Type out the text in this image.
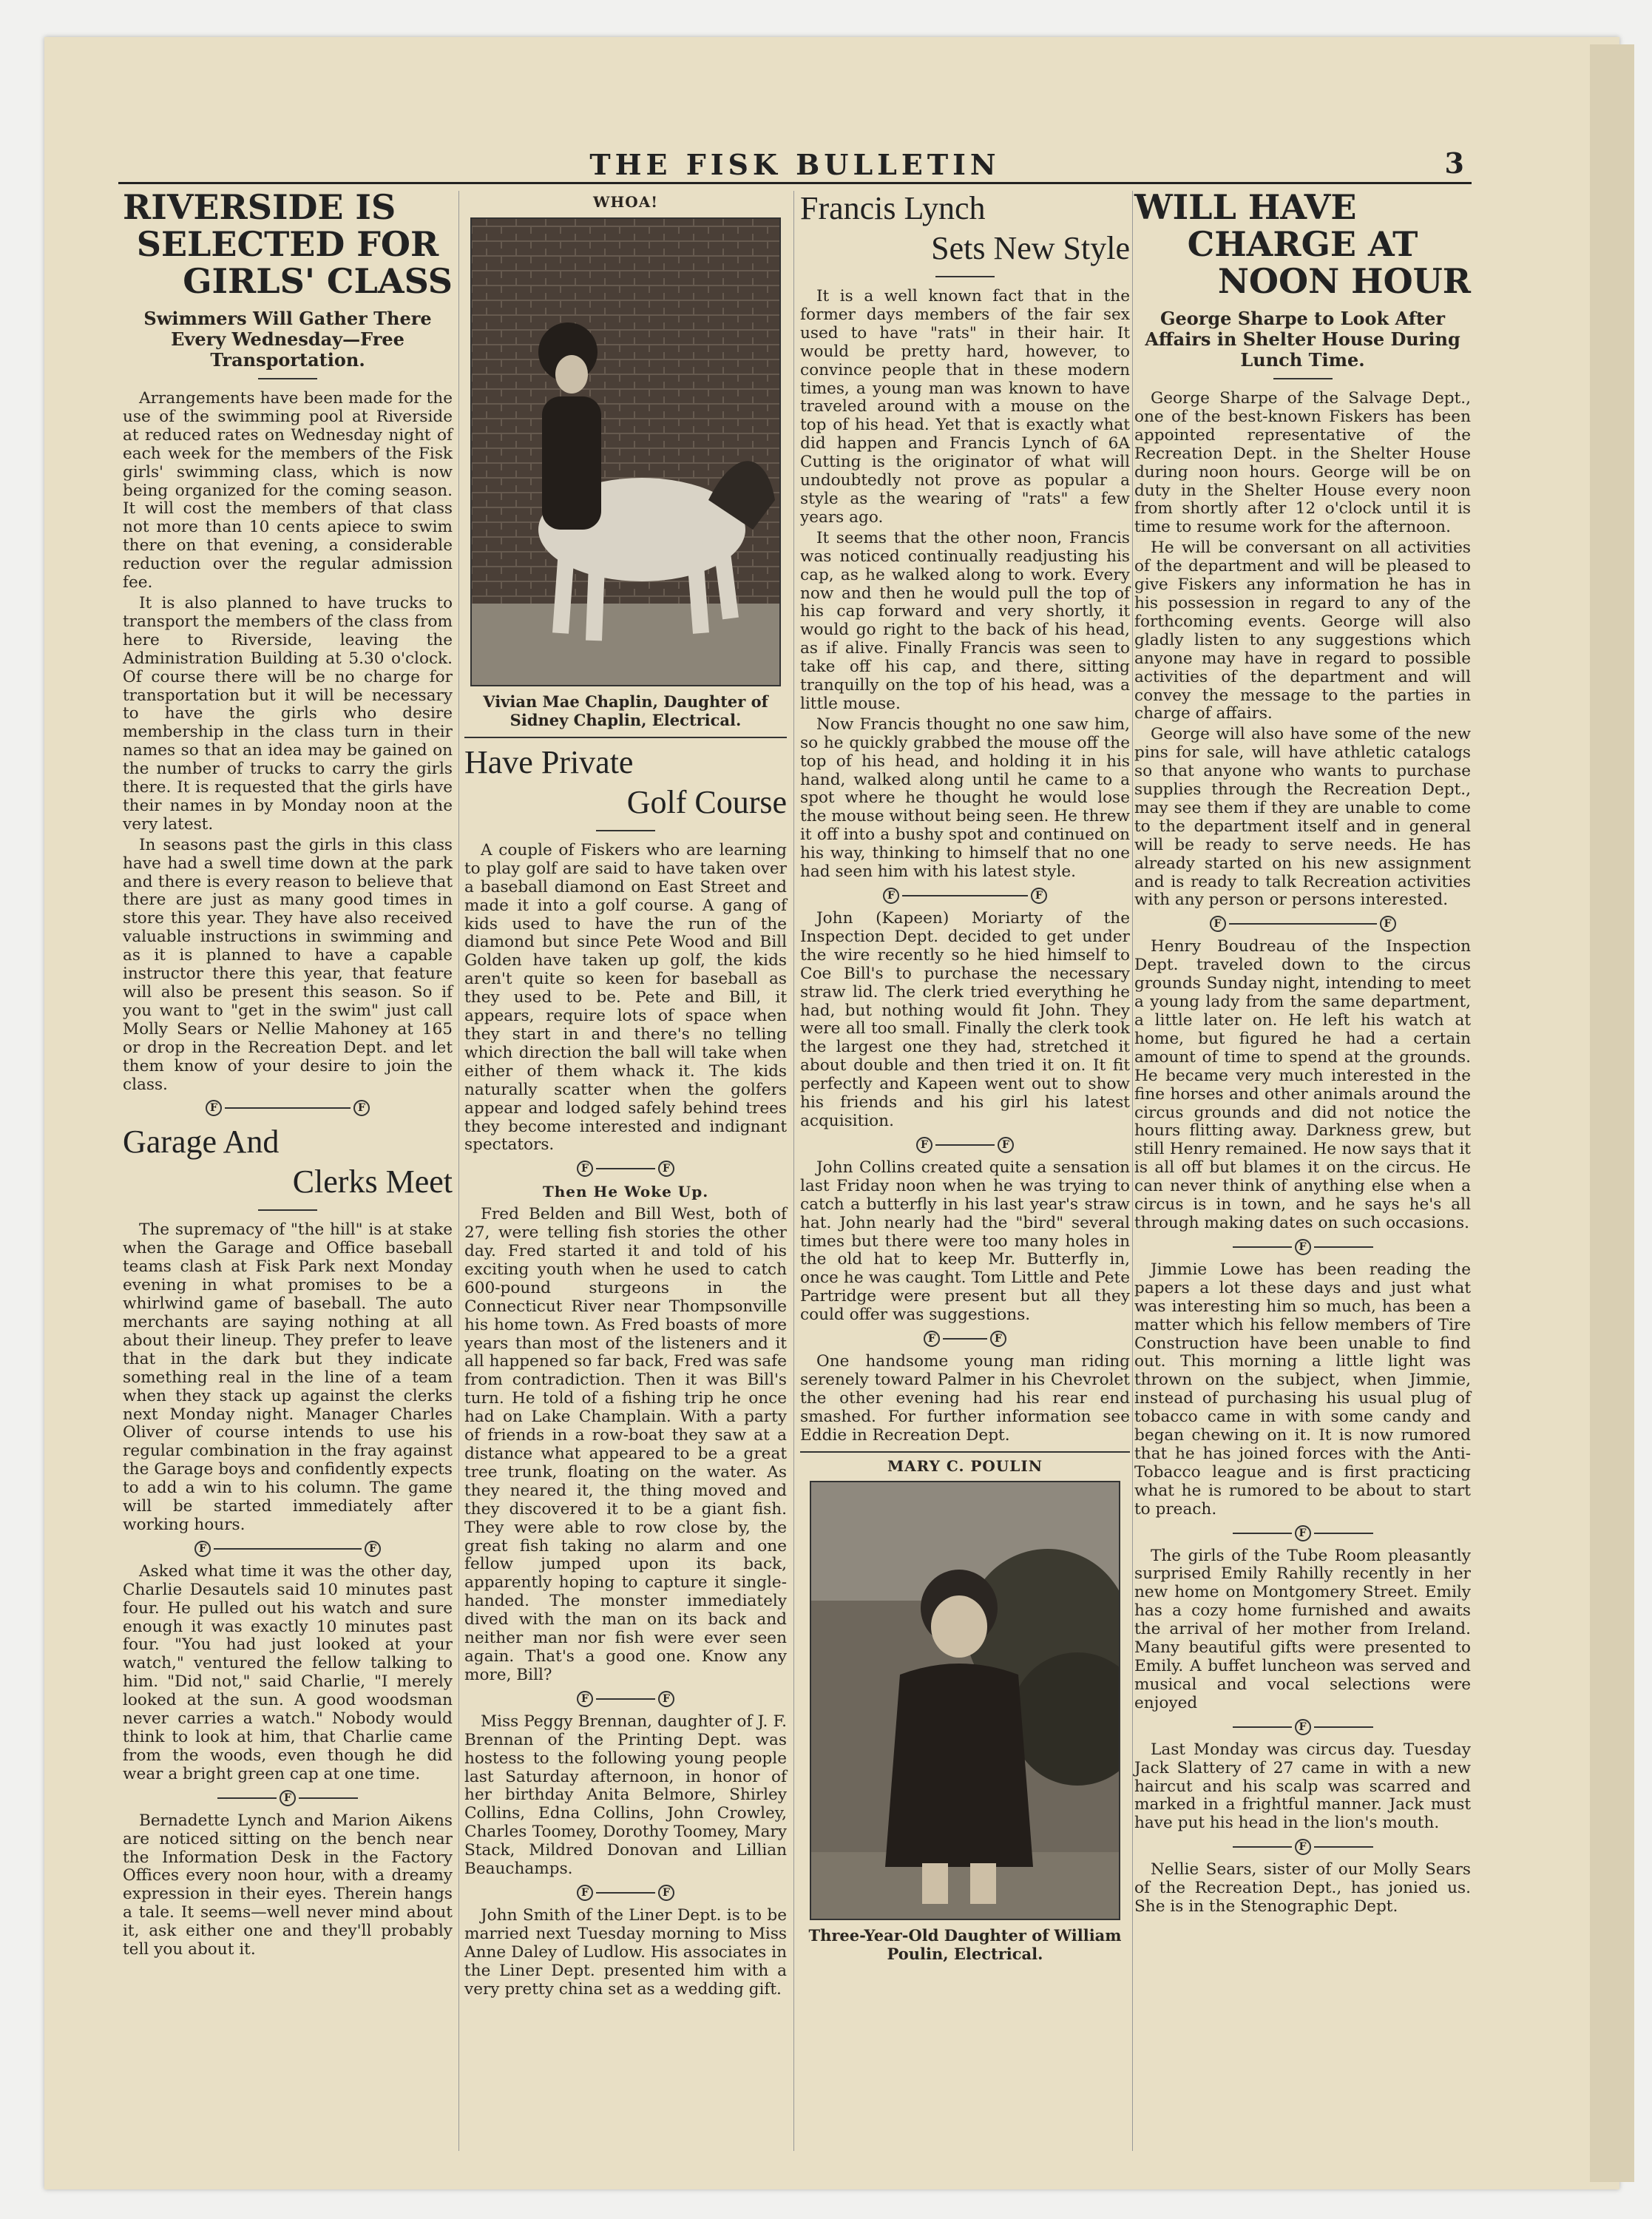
THE FISK BULLETIN	3
RIVERSIDE IS
SELECTED FOR
GIRLS' CLASS
Swimmers Will Gather There Every Wednesday—Free Transportation.

Arrangements have been made for the use of the swimming pool at Riverside at reduced rates on Wednesday night of each week for the members of the Fisk girls' swimming class, which is now being organized for the coming season. It will cost the members of that class not more than 10 cents apiece to swim there on that evening, a considerable reduction over the regular admission fee.

It is also planned to have trucks to transport the members of the class from here to Riverside, leaving the Administration Building at 5.30 o'clock. Of course there will be no charge for transportation but it will be necessary to have the girls who desire membership in the class turn in their names so that an idea may be gained on the number of trucks to carry the girls there. It is requested that the girls have their names in by Monday noon at the very latest.

In seasons past the girls in this class have had a swell time down at the park and there is every reason to believe that there are just as many good times in store this year. They have also received valuable instructions in swimming and as it is planned to have a capable instructor there this year, that feature will also be present this season. So if you want to "get in the swim" just call Molly Sears or Nellie Mahoney at 165 or drop in the Recreation Dept. and let them know of your desire to join the class.

F	F
Garage And
Clerks Meet

The supremacy of "the hill" is at stake when the Garage and Office baseball teams clash at Fisk Park next Monday evening in what promises to be a whirlwind game of baseball. The auto merchants are saying nothing at all about their lineup. They prefer to leave that in the dark but they indicate something real in the line of a team when they stack up against the clerks next Monday night. Manager Charles Oliver of course intends to use his regular combination in the fray against the Garage boys and confidently expects to add a win to his column. The game will be started immediately after working hours.

F	F

Asked what time it was the other day, Charlie Desautels said 10 minutes past four. He pulled out his watch and sure enough it was exactly 10 minutes past four. "You had just looked at your watch," ventured the fellow talking to him. "Did not," said Charlie, "I merely looked at the sun. A good woodsman never carries a watch." Nobody would think to look at him, that Charlie came from the woods, even though he did wear a bright green cap at one time.

F

Bernadette Lynch and Marion Aikens are noticed sitting on the bench near the Information Desk in the Factory Offices every noon hour, with a dreamy expression in their eyes. Therein hangs a tale. It seems—well never mind about it, ask either one and they'll probably tell you about it.

WHOA!
Vivian Mae Chaplin, Daughter of Sidney Chaplin, Electrical.
Have Private
Golf Course

A couple of Fiskers who are learning to play golf are said to have taken over a baseball diamond on East Street and made it into a golf course. A gang of kids used to have the run of the diamond but since Pete Wood and Bill Golden have taken up golf, the kids aren't quite so keen for baseball as they used to be. Pete and Bill, it appears, require lots of space when they start in and there's no telling which direction the ball will take when either of them whack it. The kids naturally scatter when the golfers appear and lodged safely behind trees they become interested and indignant spectators.

F	F
Then He Woke Up.

Fred Belden and Bill West, both of 27, were telling fish stories the other day. Fred started it and told of his exciting youth when he used to catch 600-pound sturgeons in the Connecticut River near Thompsonville his home town. As Fred boasts of more years than most of the listeners and it all happened so far back, Fred was safe from contradiction. Then it was Bill's turn. He told of a fishing trip he once had on Lake Champlain. With a party of friends in a row-boat they saw at a distance what appeared to be a great tree trunk, floating on the water. As they neared it, the thing moved and they discovered it to be a giant fish. They were able to row close by, the great fish taking no alarm and one fellow jumped upon its back, apparently hoping to capture it single-handed. The monster immediately dived with the man on its back and neither man nor fish were ever seen again. That's a good one. Know any more, Bill?

F	F

Miss Peggy Brennan, daughter of J. F. Brennan of the Printing Dept. was hostess to the following young people last Saturday afternoon, in honor of her birthday Anita Belmore, Shirley Collins, Edna Collins, John Crowley, Charles Toomey, Dorothy Toomey, Mary Stack, Mildred Donovan and Lillian Beauchamps.

F	F

John Smith of the Liner Dept. is to be married next Tuesday morning to Miss Anne Daley of Ludlow. His associates in the Liner Dept. presented him with a very pretty china set as a wedding gift.

Francis Lynch
Sets New Style

It is a well known fact that in the former days members of the fair sex used to have "rats" in their hair. It would be pretty hard, however, to convince people that in these modern times, a young man was known to have traveled around with a mouse on the top of his head. Yet that is exactly what did happen and Francis Lynch of 6A Cutting is the originator of what will undoubtedly not prove as popular a style as the wearing of "rats" a few years ago.

It seems that the other noon, Francis was noticed continually readjusting his cap, as he walked along to work. Every now and then he would pull the top of his cap forward and very shortly, it would go right to the back of his head, as if alive. Finally Francis was seen to take off his cap, and there, sitting tranquilly on the top of his head, was a little mouse.

Now Francis thought no one saw him, so he quickly grabbed the mouse off the top of his head, and holding it in his hand, walked along until he came to a spot where he thought he would lose the mouse without being seen. He threw it off into a bushy spot and continued on his way, thinking to himself that no one had seen him with his latest style.

F	F

John (Kapeen) Moriarty of the Inspection Dept. decided to get under the wire recently so he hied himself to Coe Bill's to purchase the necessary straw lid. The clerk tried everything he had, but nothing would fit John. They were all too small. Finally the clerk took the largest one they had, stretched it about double and then tried it on. It fit perfectly and Kapeen went out to show his friends and his girl his latest acquisition.

F	F

John Collins created quite a sensation last Friday noon when he was trying to catch a butterfly in his last year's straw hat. John nearly had the "bird" several times but there were too many holes in the old hat to keep Mr. Butterfly in, once he was caught. Tom Little and Pete Partridge were present but all they could offer was suggestions.

F	F

One handsome young man riding serenely toward Palmer in his Chevrolet the other evening had his rear end smashed. For further information see Eddie in Recreation Dept.

MARY C. POULIN
Three-Year-Old Daughter of William Poulin, Electrical.
WILL HAVE
CHARGE AT
NOON HOUR
George Sharpe to Look After Affairs in Shelter House During Lunch Time.

George Sharpe of the Salvage Dept., one of the best-known Fiskers has been appointed representative of the Recreation Dept. in the Shelter House during noon hours. George will be on duty in the Shelter House every noon from shortly after 12 o'clock until it is time to resume work for the afternoon.

He will be conversant on all activities of the department and will be pleased to give Fiskers any information he has in his possession in regard to any of the forthcoming events. George will also gladly listen to any suggestions which anyone may have in regard to possible activities of the department and will convey the message to the parties in charge of affairs.

George will also have some of the new pins for sale, will have athletic catalogs so that anyone who wants to purchase supplies through the Recreation Dept., may see them if they are unable to come to the department itself and in general will be ready to serve needs. He has already started on his new assignment and is ready to talk Recreation activities with any person or persons interested.

F	F

Henry Boudreau of the Inspection Dept. traveled down to the circus grounds Sunday night, intending to meet a young lady from the same department, a little later on. He left his watch at home, but figured he had a certain amount of time to spend at the grounds. He became very much interested in the fine horses and other animals around the circus grounds and did not notice the hours flitting away. Darkness grew, but still Henry remained. He now says that it is all off but blames it on the circus. He can never think of anything else when a circus is in town, and he says he's all through making dates on such occasions.

F

Jimmie Lowe has been reading the papers a lot these days and just what was interesting him so much, has been a matter which his fellow members of Tire Construction have been unable to find out. This morning a little light was thrown on the subject, when Jimmie, instead of purchasing his usual plug of tobacco came in with some candy and began chewing on it. It is now rumored that he has joined forces with the Anti-Tobacco league and is first practicing what he is rumored to be about to start to preach.

F

The girls of the Tube Room pleasantly surprised Emily Rahilly recently in her new home on Montgomery Street. Emily has a cozy home furnished and awaits the arrival of her mother from Ireland. Many beautiful gifts were presented to Emily. A buffet luncheon was served and musical and vocal selections were enjoyed

F

Last Monday was circus day. Tuesday Jack Slattery of 27 came in with a new haircut and his scalp was scarred and marked in a frightful manner. Jack must have put his head in the lion's mouth.

F

Nellie Sears, sister of our Molly Sears of the Recreation Dept., has jonied us. She is in the Stenographic Dept.
